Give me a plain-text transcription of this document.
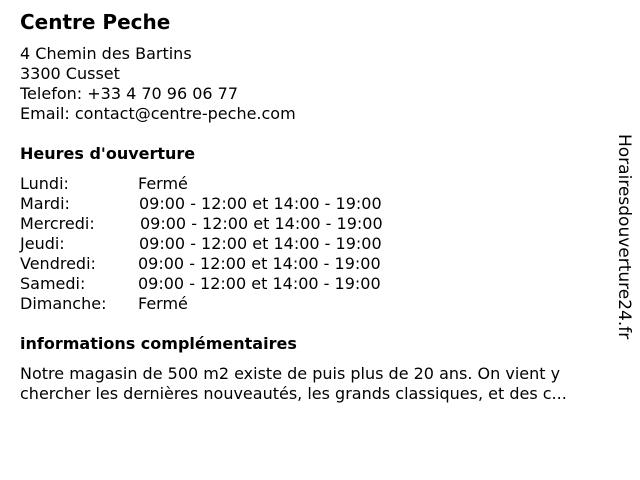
Centre Peche
4 Chemin des Bartins
3300 Cusset
Telefon: +33 4 70 96 06 77
Email: contact@centre-peche.com
Heures d'ouverture
Lundi:	Fermé
Mardi:	09:00 - 12:00 et 14:00 - 19:00
Mercredi:	09:00 - 12:00 et 14:00 - 19:00
Jeudi:	09:00 - 12:00 et 14:00 - 19:00
Vendredi:	09:00 - 12:00 et 14:00 - 19:00
Samedi:	09:00 - 12:00 et 14:00 - 19:00
Dimanche: Fermé
informations complémentaires
Notre magasin de 500 m2 existe de puis plus de 20 ans. On vient y
chercher les dernières nouveautés, les grands classiques, et des c...
Horairesdouverture24.fr
